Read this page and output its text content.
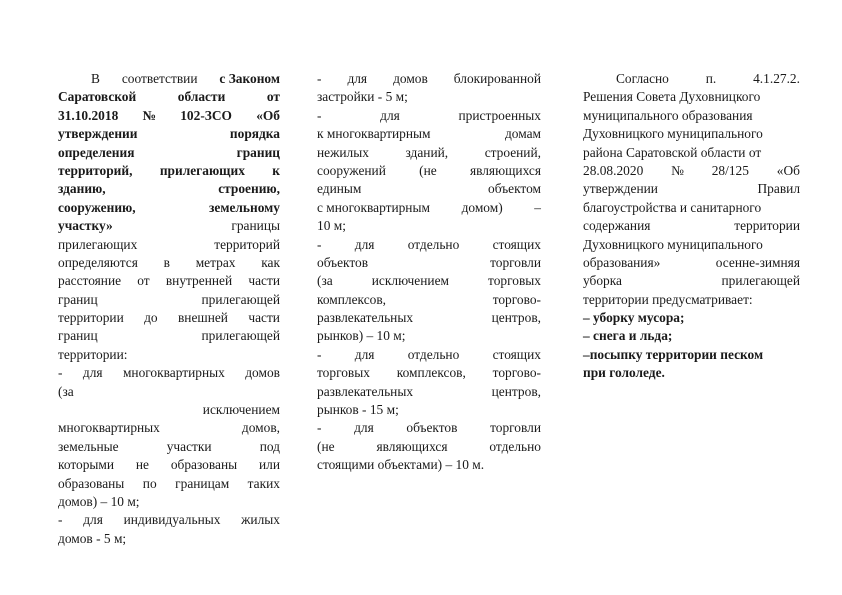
В соответствии с Законом
Саратовской	области	от
31.10.2018 № 102-ЗСО «Об
утверждении	порядка
определения	границ
территорий, прилегающих к
зданию,	строению,
сооружению,	земельному
участку»	границы
прилегающих	территорий
определяются в метрах как
расстояние от внутренней части
границ	прилегающей
территории до внешней части
границ	прилегающей
территории:
- для многоквартирных домов
(за
исключением
многоквартирных	домов,
земельные	участки	под
которыми не образованы или
образованы по границам таких
домов) – 10 м;
- для индивидуальных жилых
домов - 5 м;
- для домов блокированной
застройки - 5 м;
-	для	пристроенных
к многоквартирным	домам
нежилых	зданий,	строений,
сооружений (не являющихся
единым	объектом
с многоквартирным домом) –
10 м;
- для отдельно стоящих
объектов	торговли
(за	исключением	торговых
комплексов,	торгово-
развлекательных	центров,
рынков) – 10 м;
- для отдельно стоящих
торговых комплексов, торгово-
развлекательных	центров,
рынков - 15 м;
- для объектов торговли
(не	являющихся	отдельно
стоящими объектами) – 10 м.
Согласно	п.	4.1.27.2.
Решения Совета Духовницкого
муниципального образования
Духовницкого муниципального
района Саратовской области от
28.08.2020 № 28/125 «Об
утверждении	Правил
благоустройства и санитарного
содержания	территории
Духовницкого муниципального
образования»	осенне-зимняя
уборка	прилегающей
территории предусматривает:
– уборку мусора;
– снега и льда;
–посыпку территории песком
при гололеде.
